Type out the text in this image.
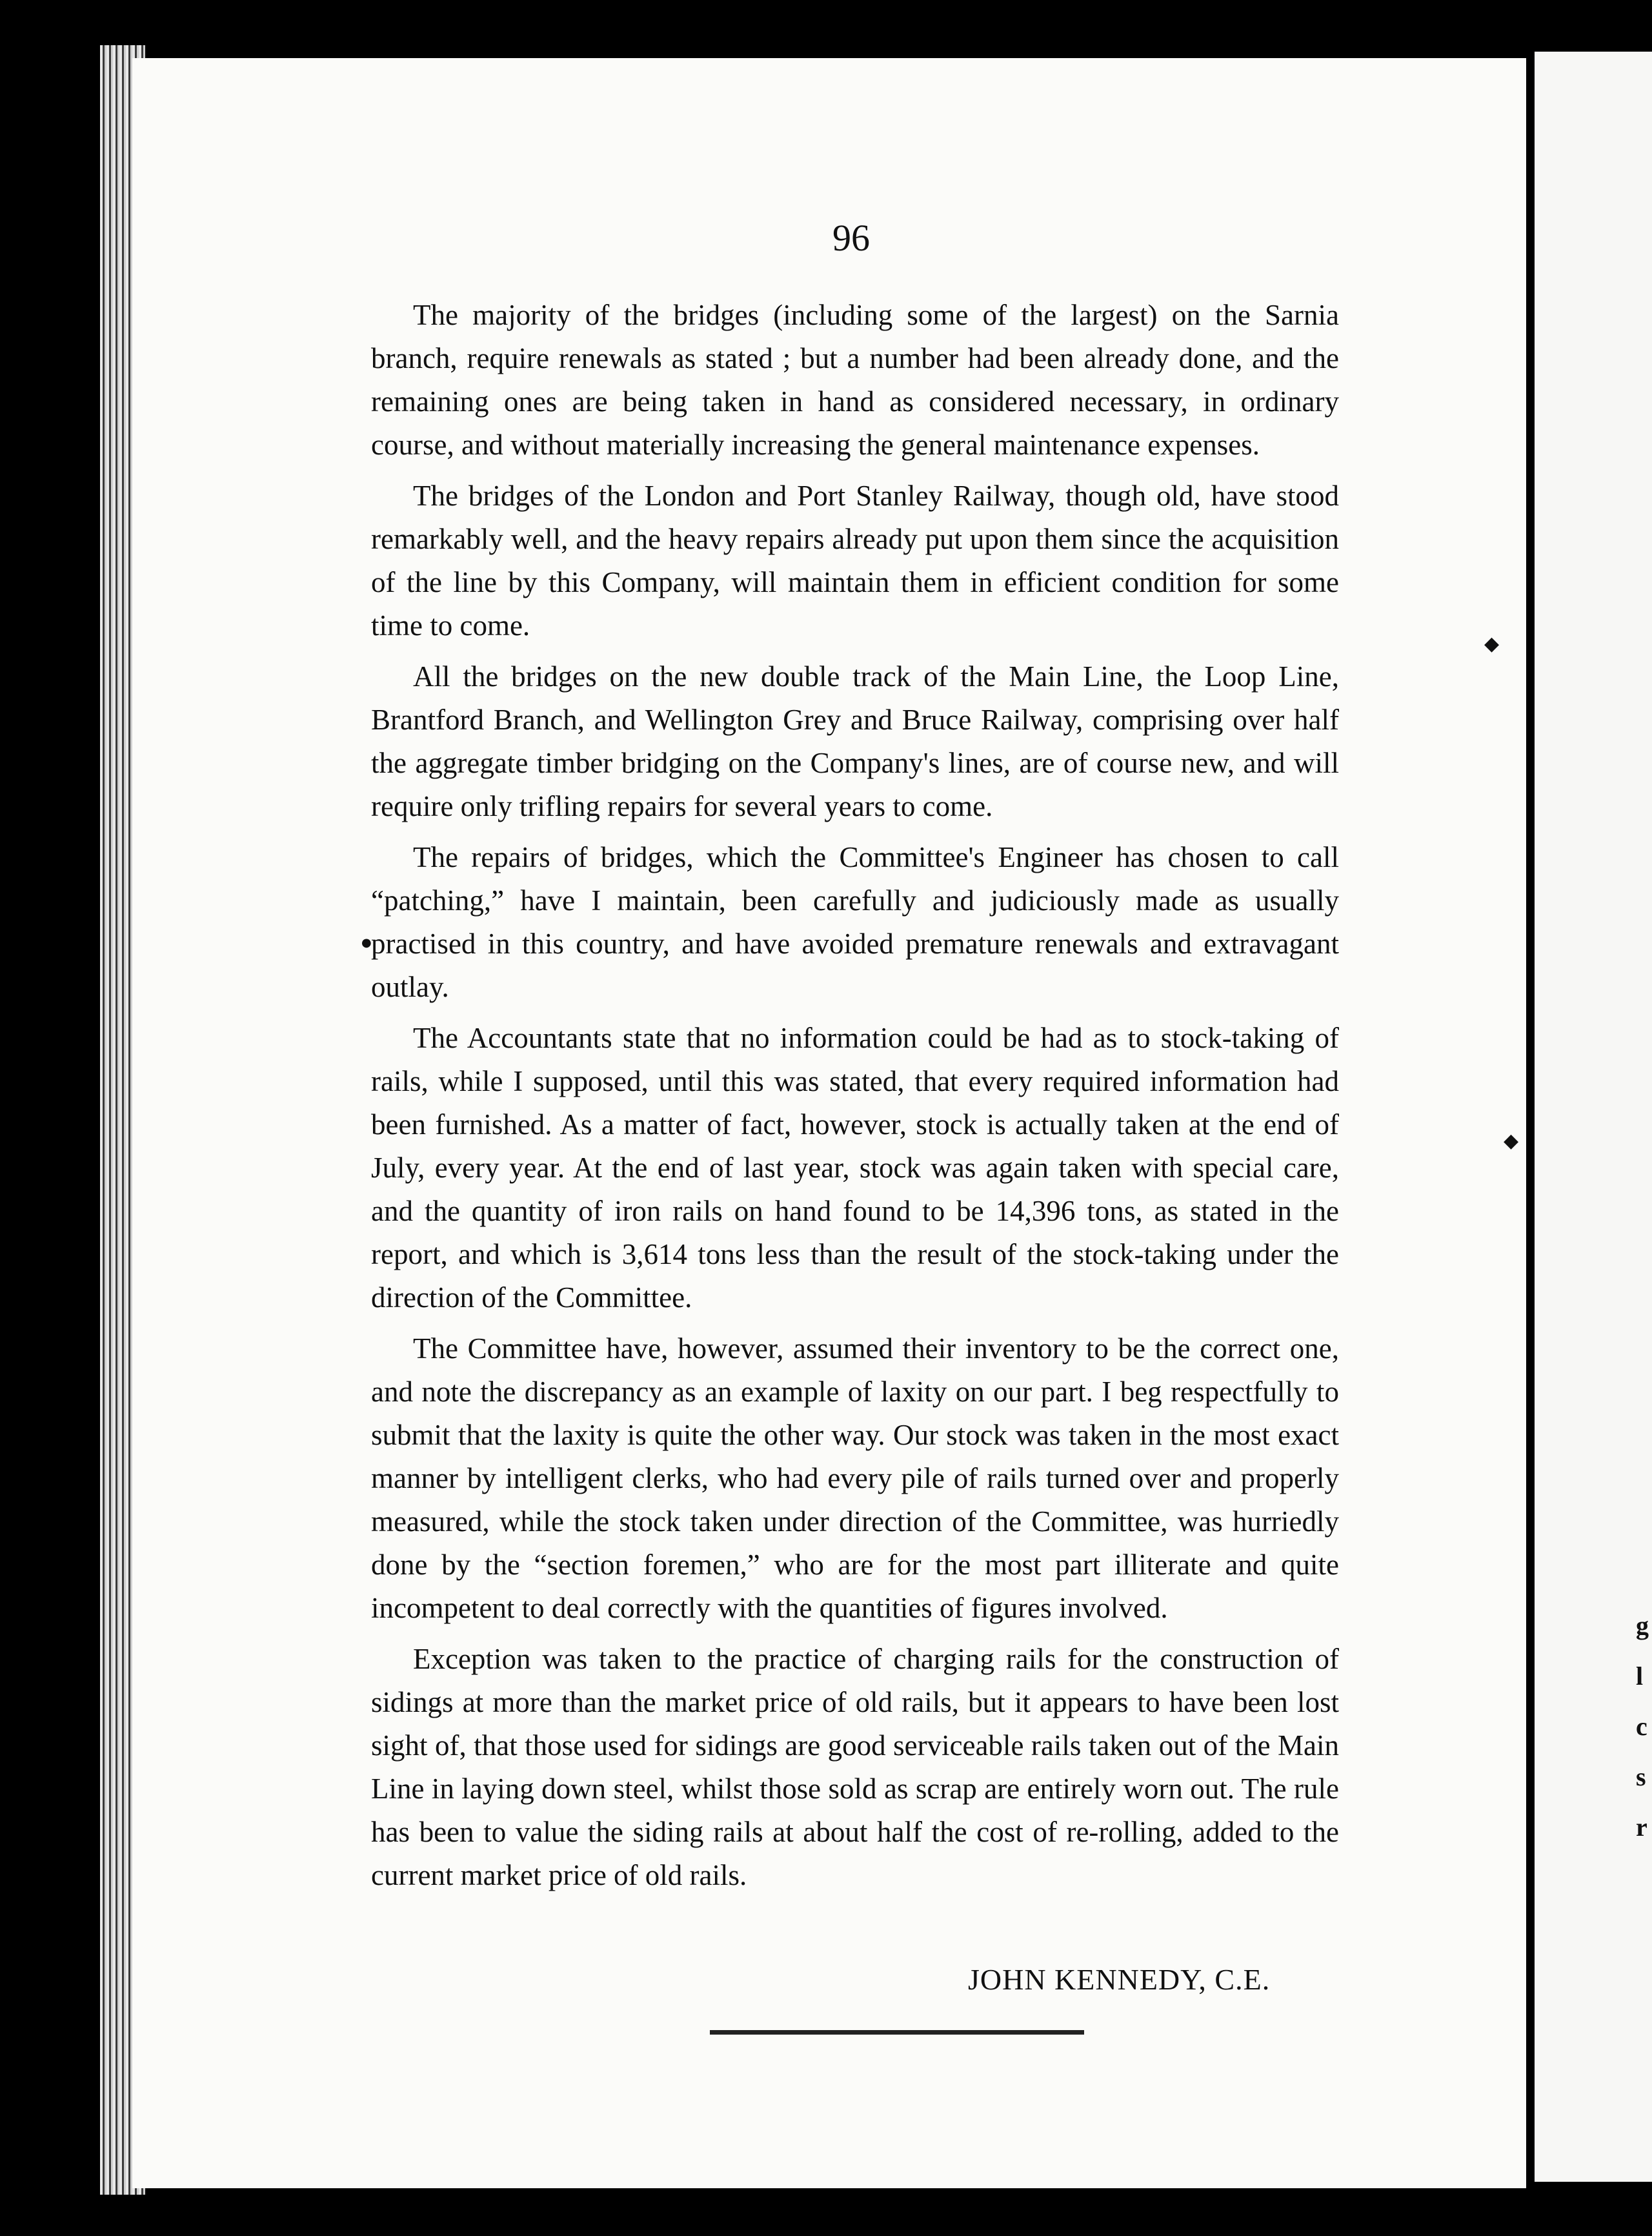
96

The majority of the bridges (including some of the largest) on the Sarnia branch, require renewals as stated ; but a number had been already done, and the remaining ones are being taken in hand as considered necessary, in ordinary course, and without materially increasing the general maintenance expenses.

The bridges of the London and Port Stanley Railway, though old, have stood remarkably well, and the heavy repairs already put upon them since the acquisition of the line by this Company, will maintain them in efficient condition for some time to come.

All the bridges on the new double track of the Main Line, the Loop Line, Brantford Branch, and Wellington Grey and Bruce Railway, comprising over half the aggregate timber bridging on the Company's lines, are of course new, and will require only trifling repairs for several years to come.

The repairs of bridges, which the Committee's Engineer has chosen to call “patching,” have I maintain, been carefully and judiciously made as usually practised in this country, and have avoided premature renewals and extravagant outlay.

The Accountants state that no information could be had as to stock-taking of rails, while I supposed, until this was stated, that every required information had been furnished. As a matter of fact, however, stock is actually taken at the end of July, every year. At the end of last year, stock was again taken with special care, and the quantity of iron rails on hand found to be 14,396 tons, as stated in the report, and which is 3,614 tons less than the result of the stock-taking under the direction of the Committee.

The Committee have, however, assumed their inventory to be the correct one, and note the discrepancy as an example of laxity on our part. I beg respectfully to submit that the laxity is quite the other way. Our stock was taken in the most exact manner by intelligent clerks, who had every pile of rails turned over and properly measured, while the stock taken under direction of the Committee, was hurriedly done by the “section foremen,” who are for the most part illiterate and quite incompetent to deal correctly with the quantities of figures involved.

Exception was taken to the practice of charging rails for the construction of sidings at more than the market price of old rails, but it appears to have been lost sight of, that those used for sidings are good serviceable rails taken out of the Main Line in laying down steel, whilst those sold as scrap are entirely worn out. The rule has been to value the siding rails at about half the cost of re-rolling, added to the current market price of old rails.

JOHN KENNEDY, C.E.
◆
◆
●
g
l
c
s
r
